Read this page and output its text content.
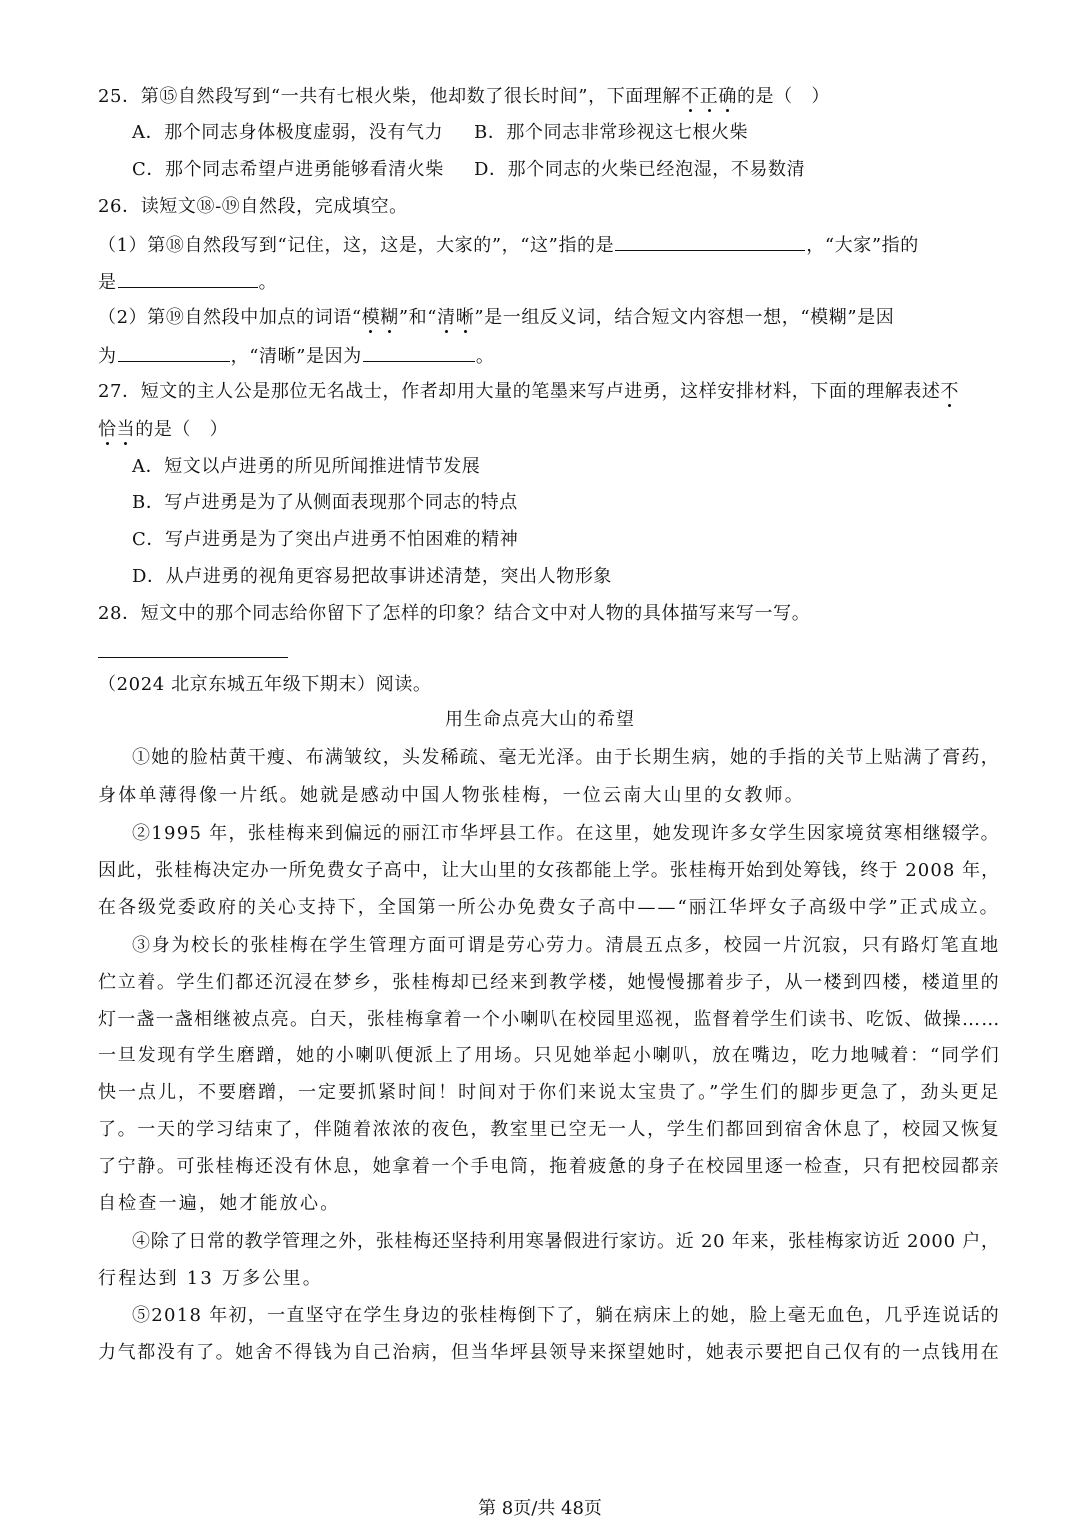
25．第⑮自然段写到“一共有七根火柴，他却数了很长时间”，下面理解不正确的是（　）
A．那个同志身体极度虚弱，没有气力 B．那个同志非常珍视这七根火柴
C．那个同志希望卢进勇能够看清火柴 D．那个同志的火柴已经泡湿，不易数清
26．读短文⑱-⑲自然段，完成填空。
（1）第⑱自然段写到“记住，这，这是，大家的”，“这”指的是	，“大家”指的
是	。
（2）第⑲自然段中加点的词语“模糊”和“清晰”是一组反义词，结合短文内容想一想，“模糊”是因
为	，“清晰”是因为	。
27．短文的主人公是那位无名战士，作者却用大量的笔墨来写卢进勇，这样安排材料，下面的理解表述不
恰当的是（　）
A．短文以卢进勇的所见所闻推进情节发展
B．写卢进勇是为了从侧面表现那个同志的特点
C．写卢进勇是为了突出卢进勇不怕困难的精神
D．从卢进勇的视角更容易把故事讲述清楚，突出人物形象
28．短文中的那个同志给你留下了怎样的印象？结合文中对人物的具体描写来写一写。
（2024 北京东城五年级下期末）阅读。
用生命点亮大山的希望
①她的脸枯黄干瘦、布满皱纹，头发稀疏、毫无光泽。由于长期生病，她的手指的关节上贴满了膏药，
身体单薄得像一片纸。她就是感动中国人物张桂梅，一位云南大山里的女教师。
②1995 年，张桂梅来到偏远的丽江市华坪县工作。在这里，她发现许多女学生因家境贫寒相继辍学。
因此，张桂梅决定办一所免费女子高中，让大山里的女孩都能上学。张桂梅开始到处筹钱，终于 2008 年，
在各级党委政府的关心支持下，全国第一所公办免费女子高中——“丽江华坪女子高级中学”正式成立。
③身为校长的张桂梅在学生管理方面可谓是劳心劳力。清晨五点多，校园一片沉寂，只有路灯笔直地
伫立着。学生们都还沉浸在梦乡，张桂梅却已经来到教学楼，她慢慢挪着步子，从一楼到四楼，楼道里的
灯一盏一盏相继被点亮。白天，张桂梅拿着一个小喇叭在校园里巡视，监督着学生们读书、吃饭、做操……
一旦发现有学生磨蹭，她的小喇叭便派上了用场。只见她举起小喇叭，放在嘴边，吃力地喊着：“同学们
快一点儿，不要磨蹭，一定要抓紧时间！时间对于你们来说太宝贵了。”学生们的脚步更急了，劲头更足
了。一天的学习结束了，伴随着浓浓的夜色，教室里已空无一人，学生们都回到宿舍休息了，校园又恢复
了宁静。可张桂梅还没有休息，她拿着一个手电筒，拖着疲惫的身子在校园里逐一检查，只有把校园都亲
自检查一遍，她才能放心。
④除了日常的教学管理之外，张桂梅还坚持利用寒暑假进行家访。近 20 年来，张桂梅家访近 2000 户，
行程达到 13 万多公里。
⑤2018 年初，一直坚守在学生身边的张桂梅倒下了，躺在病床上的她，脸上毫无血色，几乎连说话的
力气都没有了。她舍不得钱为自己治病，但当华坪县领导来探望她时，她表示要把自己仅有的一点钱用在
第 8页/共 48页
